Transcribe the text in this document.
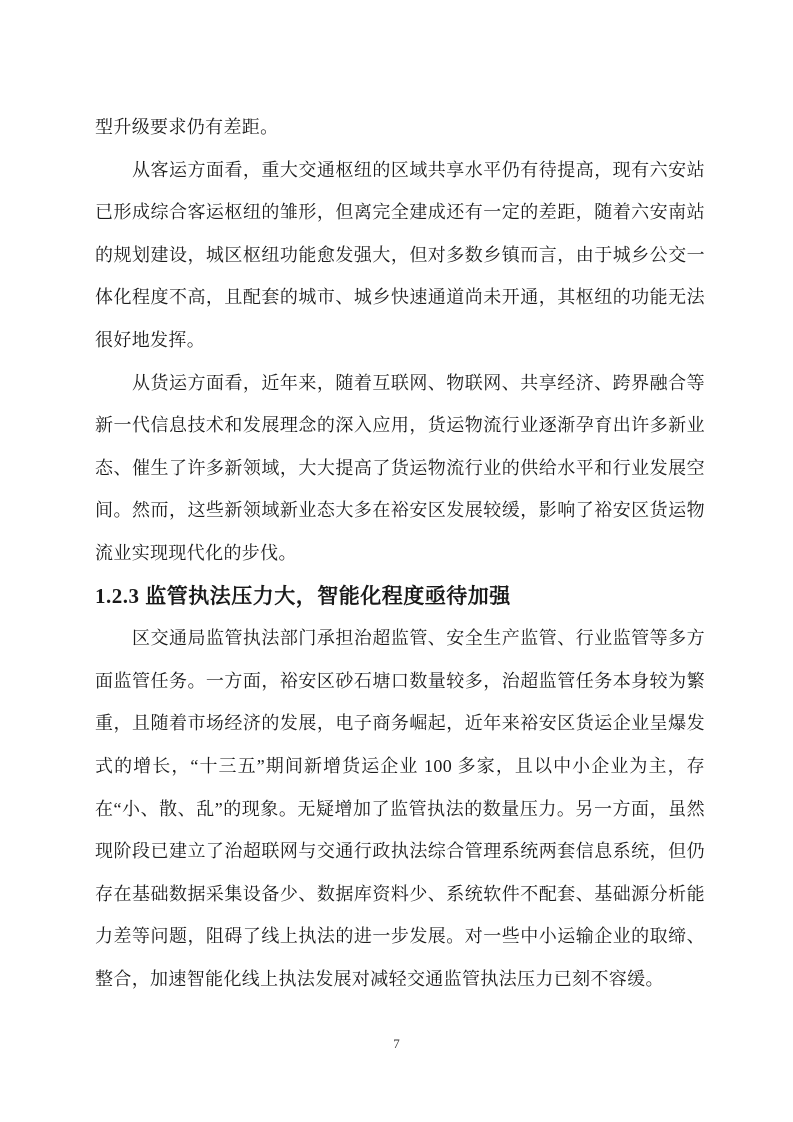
型升级要求仍有差距。

从客运方面看，重大交通枢纽的区域共享水平仍有待提高，现有六安站已形成综合客运枢纽的雏形，但离完全建成还有一定的差距，随着六安南站的规划建设，城区枢纽功能愈发强大，但对多数乡镇而言，由于城乡公交一体化程度不高，且配套的城市、城乡快速通道尚未开通，其枢纽的功能无法很好地发挥。

从货运方面看，近年来，随着互联网、物联网、共享经济、跨界融合等新一代信息技术和发展理念的深入应用，货运物流行业逐渐孕育出许多新业态、催生了许多新领域，大大提高了货运物流行业的供给水平和行业发展空间。然而，这些新领域新业态大多在裕安区发展较缓，影响了裕安区货运物流业实现现代化的步伐。

1.2.3 监管执法压力大，智能化程度亟待加强

区交通局监管执法部门承担治超监管、安全生产监管、行业监管等多方面监管任务。一方面，裕安区砂石塘口数量较多，治超监管任务本身较为繁重，且随着市场经济的发展，电子商务崛起，近年来裕安区货运企业呈爆发式的增长，“十三五”期间新增货运企业 100 多家，且以中小企业为主，存在“小、散、乱”的现象。无疑增加了监管执法的数量压力。另一方面，虽然现阶段已建立了治超联网与交通行政执法综合管理系统两套信息系统，但仍存在基础数据采集设备少、数据库资料少、系统软件不配套、基础源分析能力差等问题，阻碍了线上执法的进一步发展。对一些中小运输企业的取缔、整合，加速智能化线上执法发展对减轻交通监管执法压力已刻不容缓。

7
